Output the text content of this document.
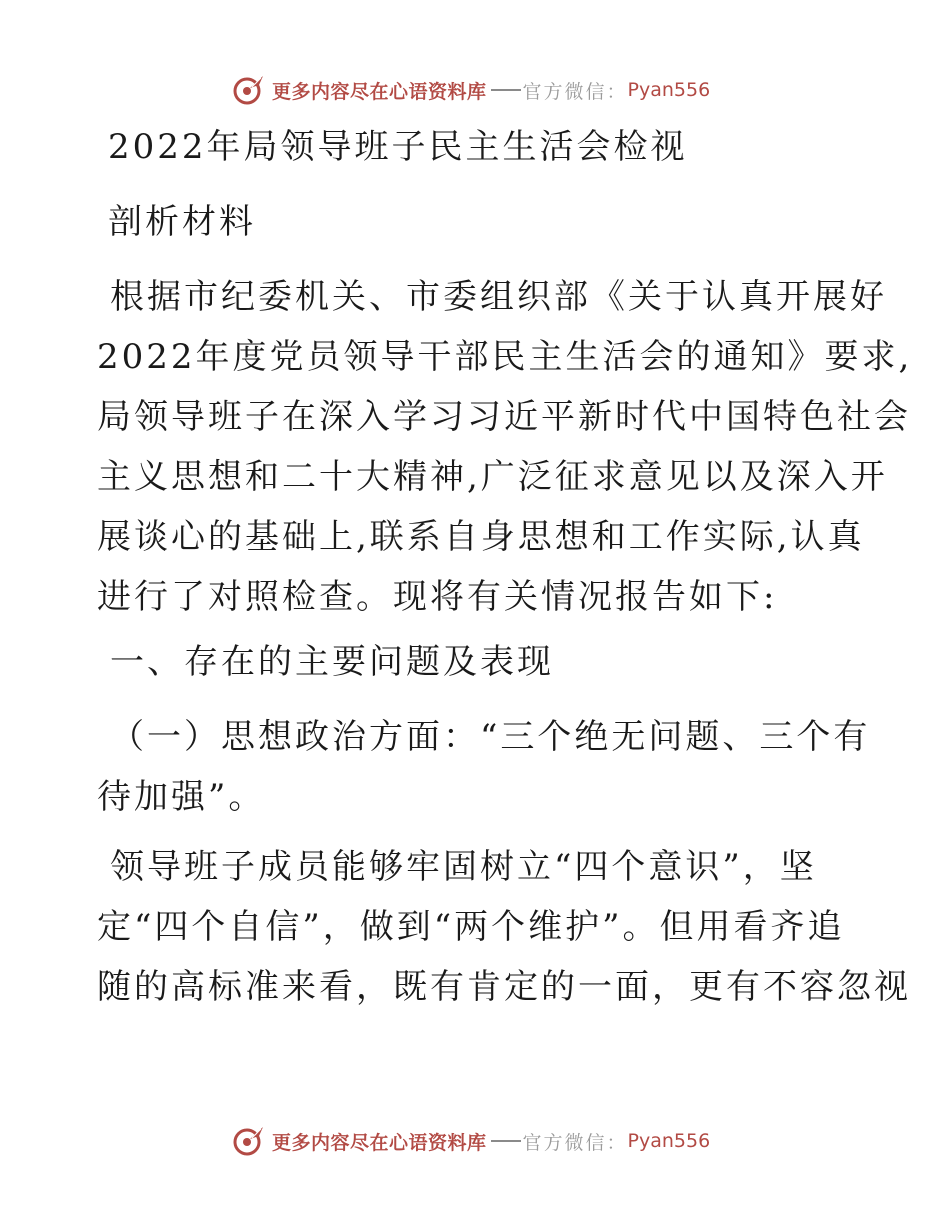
更多内容尽在心语资料库 官方微信： Pyan556
2022年局领导班子民主生活会检视
剖析材料
根据市纪委机关、市委组织部《关于认真开展好
2022年度党员领导干部民主生活会的通知》要求,
局领导班子在深入学习习近平新时代中国特色社会
主义思想和二十大精神,广泛征求意见以及深入开
展谈心的基础上,联系自身思想和工作实际,认真
进行了对照检查。现将有关情况报告如下:
一、存在的主要问题及表现
（一）思想政治方面：“三个绝无问题、三个有
待加强”。
领导班子成员能够牢固树立“四个意识”，坚
定“四个自信”，做到“两个维护”。但用看齐追
随的高标准来看，既有肯定的一面，更有不容忽视
更多内容尽在心语资料库 官方微信： Pyan556
